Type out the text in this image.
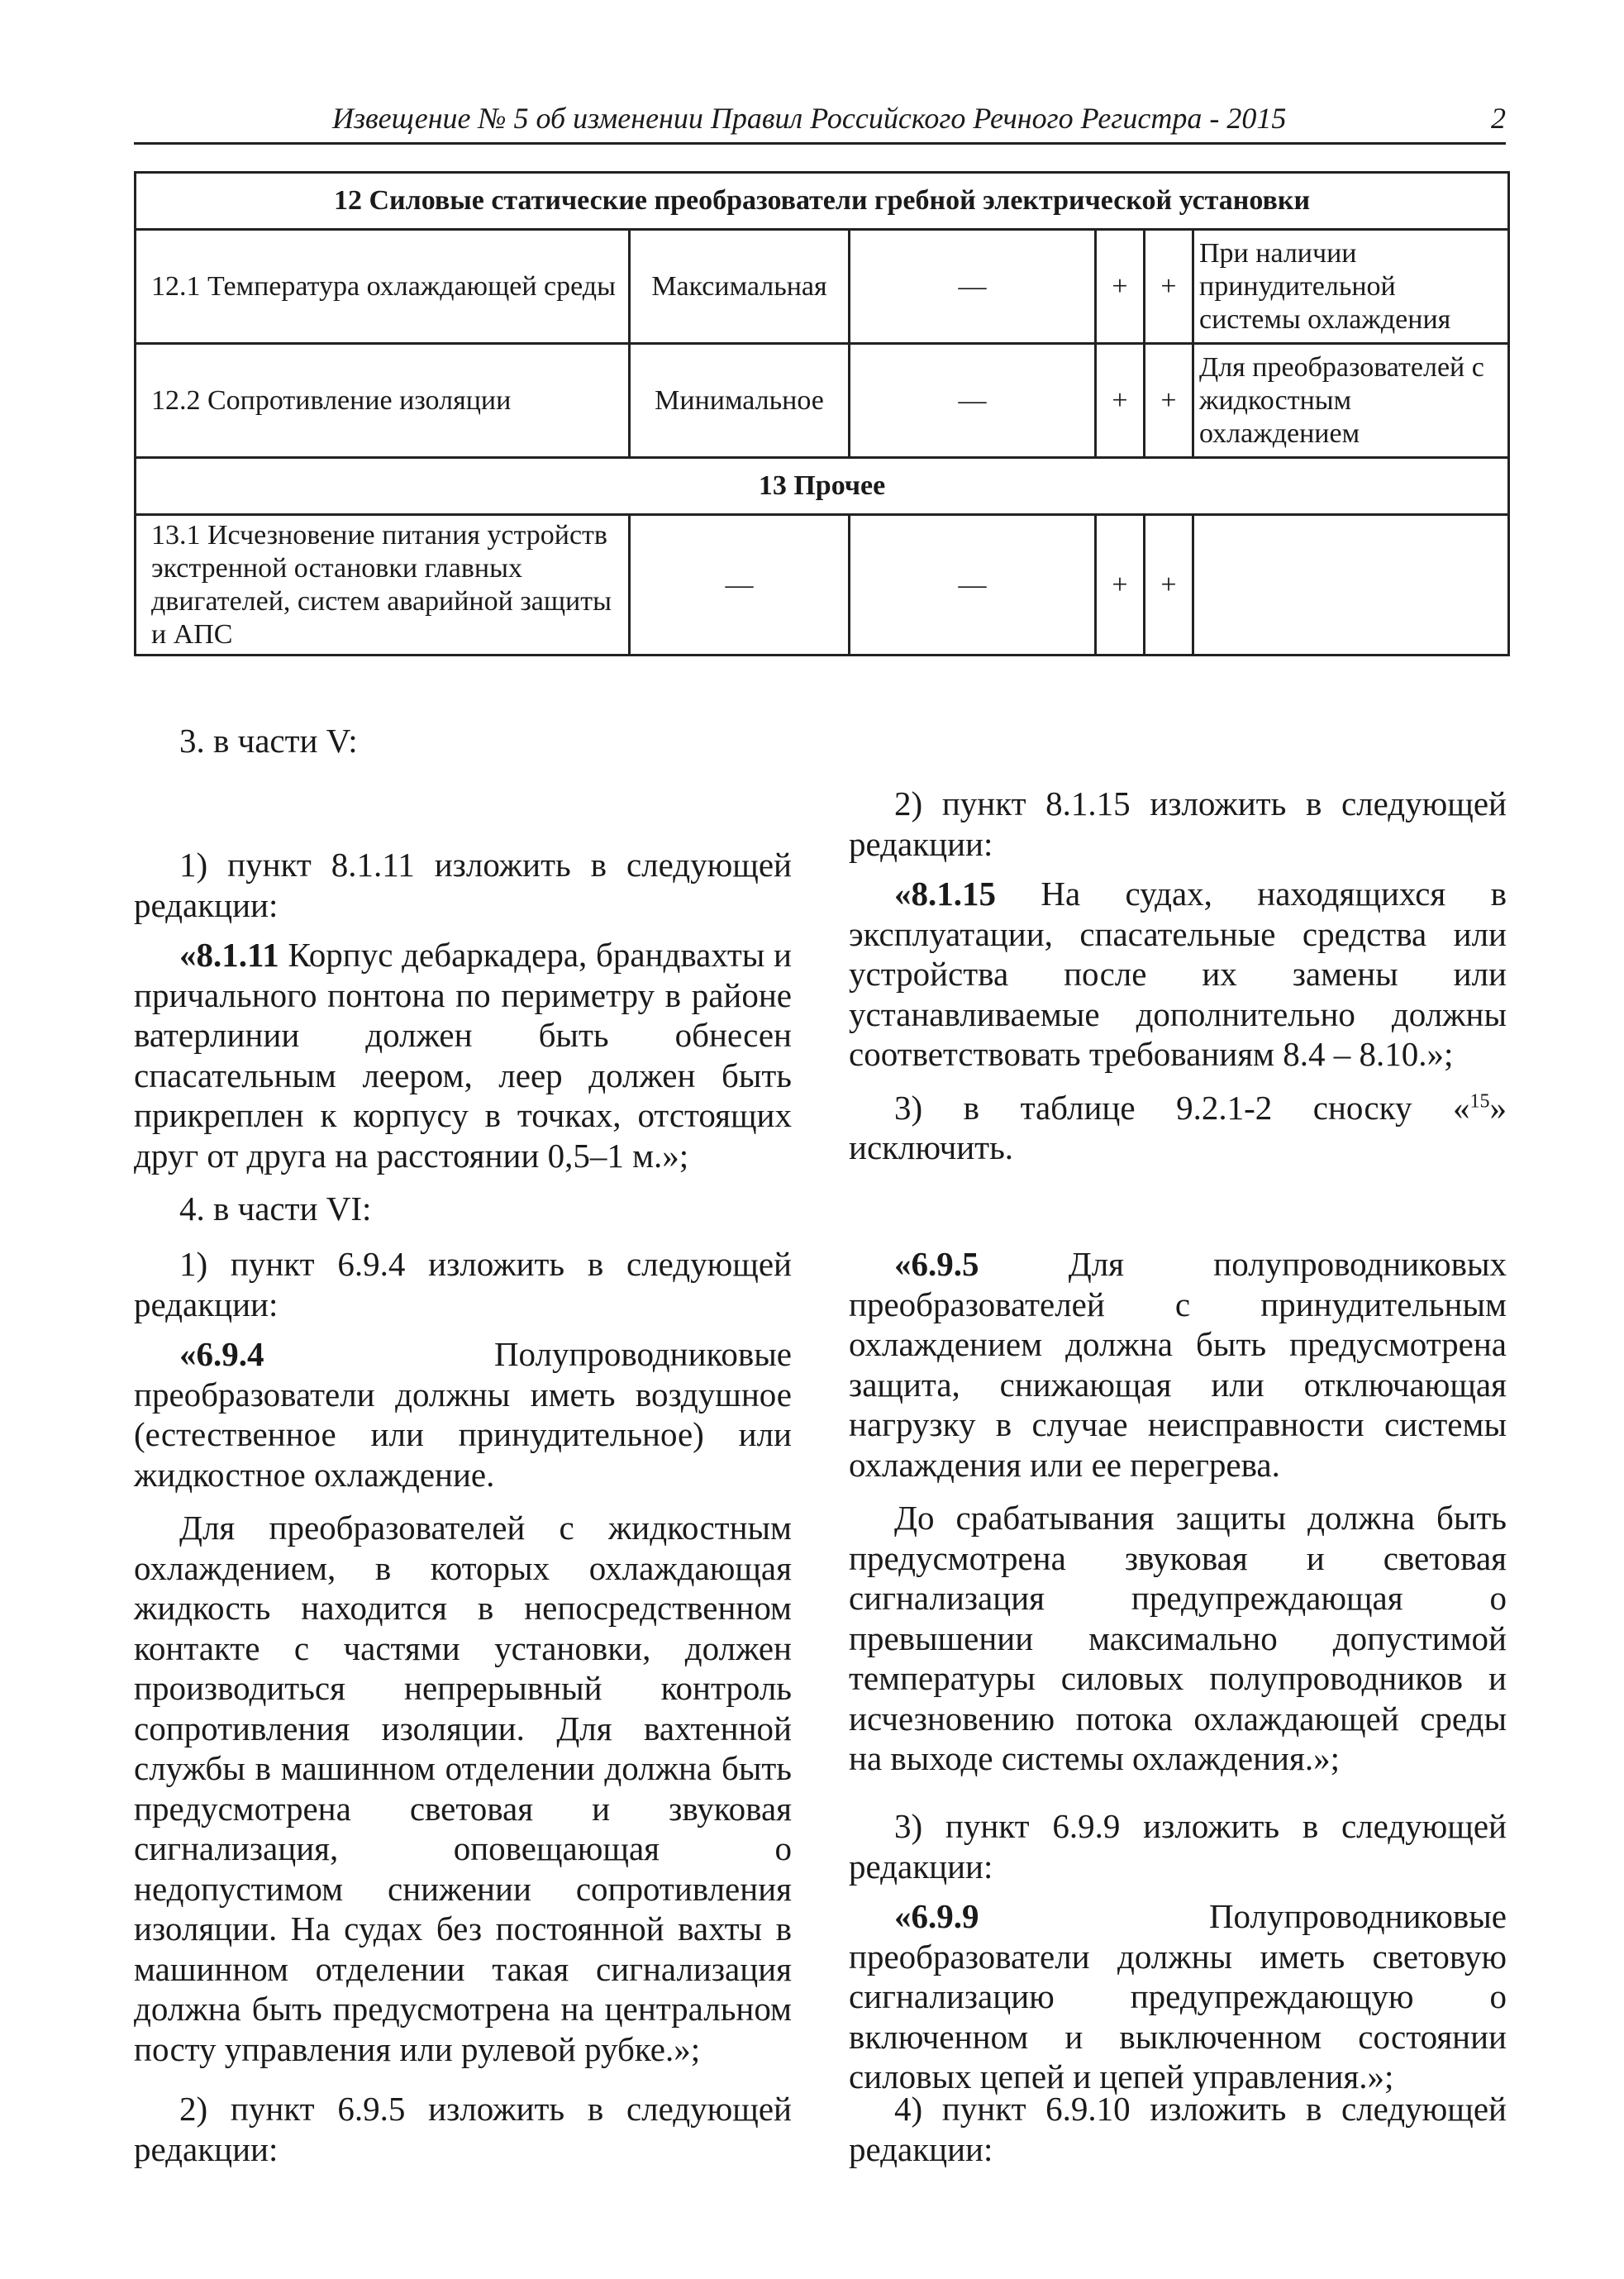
Извещение № 5 об изменении Правил Российского Речного Регистра - 2015	2
12 Силовые статические преобразователи гребной электрической установки					
12.1 Температура охлаждающей среды	Максимальная	—	+	+	При наличии принудительной системы охлаждения
12.2 Сопротивление изоляции	Минимальное	—	+	+	Для преобразователей с жидкостным охлаждением
13 Прочее					
13.1 Исчезновение питания устройств экстренной остановки главных двигателей, систем аварийной защиты и АПС	—	—	+	+	

3. в части V:

1) пункт 8.1.11 изложить в следующей редакции:

«8.1.11 Корпус дебаркадера, брандвахты и причального понтона по периметру в районе ватерлинии должен быть обнесен спасательным леером, леер должен быть прикреплен к корпусу в точках, отстоящих друг от друга на расстоянии 0,5–1 м.»;

4. в части VI:

1) пункт 6.9.4 изложить в следующей редакции:

«6.9.4 Полупроводниковые преобразователи должны иметь воздушное (естественное или принудительное) или жидкостное охлаждение.

Для преобразователей с жидкостным охлаждением, в которых охлаждающая жидкость находится в непосредственном контакте с частями установки, должен производиться непрерывный контроль сопротивления изоляции. Для вахтенной службы в машинном отделении должна быть предусмотрена световая и звуковая сигнализация, оповещающая о недопустимом снижении сопротивления изоляции. На судах без постоянной вахты в машинном отделении такая сигнализация должна быть предусмотрена на центральном посту управления или рулевой рубке.»;

2) пункт 6.9.5 изложить в следующей редакции:

2) пункт 8.1.15 изложить в следующей редакции:

«8.1.15 На судах, находящихся в эксплуатации, спасательные средства или устройства после их замены или устанавливаемые дополнительно должны соответствовать требованиям 8.4 – 8.10.»;

3) в таблице 9.2.1-2 сноску «$^{15}$» исключить.

«6.9.5 Для полупроводниковых преобразователей с принудительным охлаждением должна быть предусмотрена защита, снижающая или отключающая нагрузку в случае неисправности системы охлаждения или ее перегрева.

До срабатывания защиты должна быть предусмотрена звуковая и световая сигнализация предупреждающая о превышении максимально допустимой температуры силовых полупроводников и исчезновению потока охлаждающей среды на выходе системы охлаждения.»;

3) пункт 6.9.9 изложить в следующей редакции:

«6.9.9 Полупроводниковые преобразователи должны иметь световую сигнализацию предупреждающую о включенном и выключенном состоянии силовых цепей и цепей управления.»;

4) пункт 6.9.10 изложить в следующей редакции:
